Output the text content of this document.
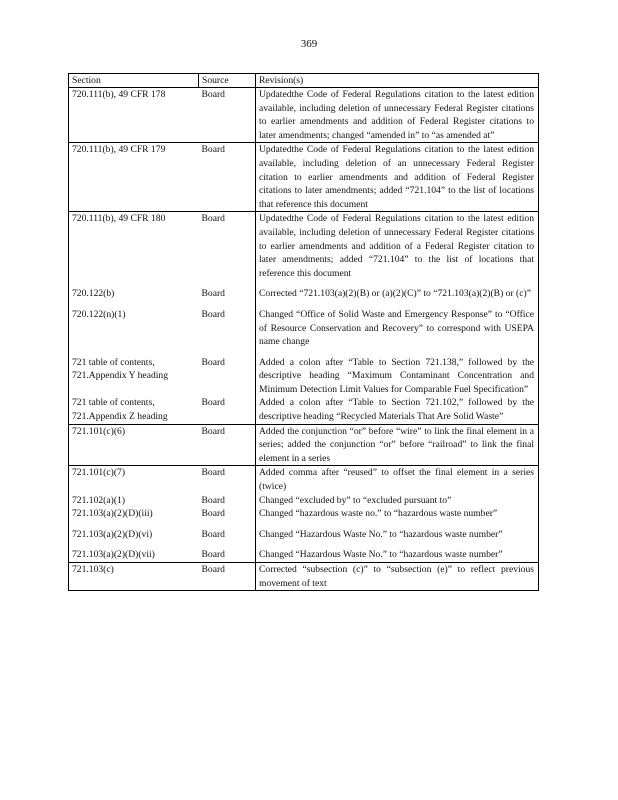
369
Section	Source	Revision(s)
720.111(b), 49 CFR 178	Board	Updatedthe Code of Federal Regulations citation to the latest edition available, including deletion of unnecessary Federal Register citations to earlier amendments and addition of Federal Register citations to later amendments; changed “amended in” to “as amended at”
720.111(b), 49 CFR 179	Board	Updatedthe Code of Federal Regulations citation to the latest edition available, including deletion of an unnecessary Federal Register citation to earlier amendments and addition of Federal Register citations to later amendments; added “721.104” to the list of locations that reference this document
720.111(b), 49 CFR 180	Board	Updatedthe Code of Federal Regulations citation to the latest edition available, including deletion of unnecessary Federal Register citations to earlier amendments and addition of a Federal Register citation to later amendments; added “721.104” to the list of locations that reference this document
720.122(b)	Board	Corrected “721.103(a)(2)(B) or (a)(2)(C)” to “721.103(a)(2)(B) or (c)”
720.122(n)(1)	Board	Changed “Office of Solid Waste and Emergency Response” to “Office of Resource Conservation and Recovery” to correspond with USEPA name change
721 table of contents, 721.Appendix Y heading	Board	Added a colon after “Table to Section 721.138,” followed by the descriptive heading “Maximum Contaminant Concentration and Minimum Detection Limit Values for Comparable Fuel Specification”
721 table of contents, 721.Appendix Z heading	Board	Added a colon after “Table to Section 721.102,” followed by the descriptive heading “Recycled Materials That Are Solid Waste”
721.101(c)(6)	Board	Added the conjunction “or” before “wire” to link the final element in a series; added the conjunction “or” before “railroad” to link the final element in a series
721.101(c)(7)	Board	Added comma after “reused” to offset the final element in a series (twice)
721.102(a)(1)	Board	Changed “excluded by” to “excluded pursuant to”
721.103(a)(2)(D)(iii)	Board	Changed “hazardous waste no.” to “hazardous waste number”
721.103(a)(2)(D)(vi)	Board	Changed “Hazardous Waste No.” to “hazardous waste number”
721.103(a)(2)(D)(vii)	Board	Changed “Hazardous Waste No.” to “hazardous waste number”
721.103(c)	Board	Corrected “subsection (c)” to “subsection (e)” to reflect previous movement of text
